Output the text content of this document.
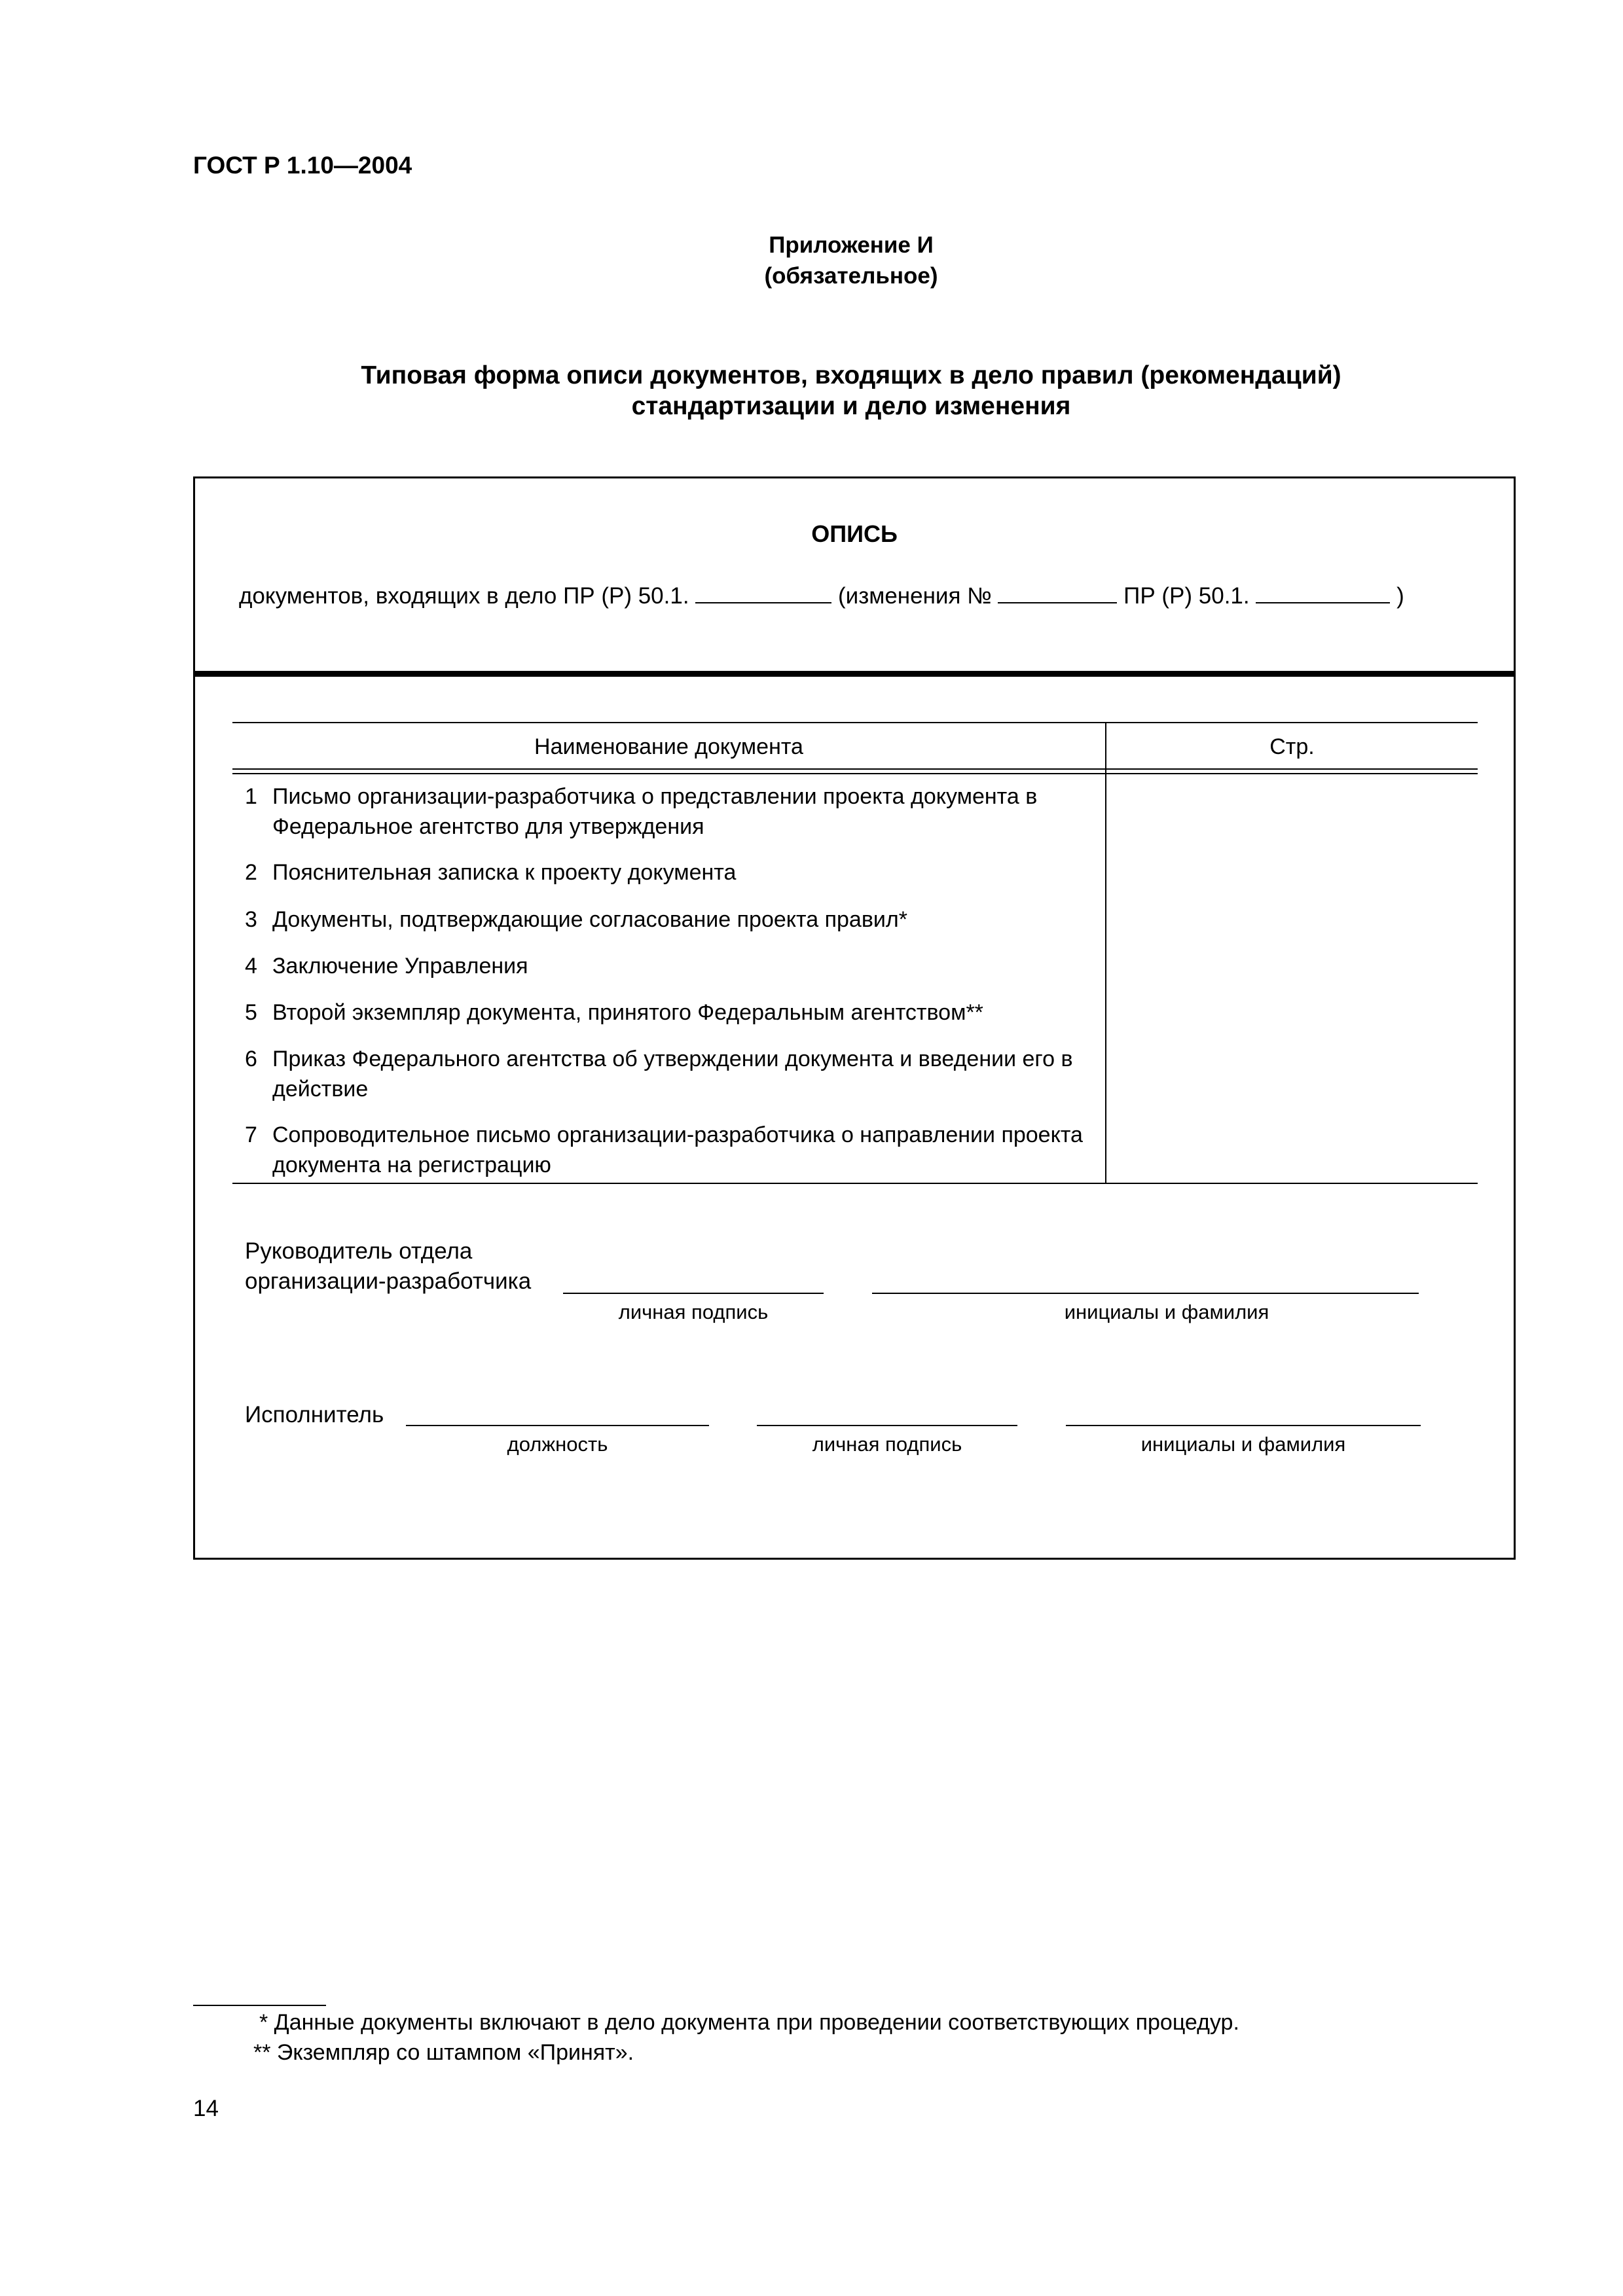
ГОСТ Р 1.10—2004
Приложение И
(обязательное)
Типовая форма описи документов, входящих в дело правил (рекомендаций)
стандартизации и дело изменения
ОПИСЬ
документов, входящих в дело ПР (Р) 50.1.	(изменения №	ПР (Р) 50.1.	)
Наименование документа	Стр.
1 Письмо организации-разработчика о представлении проекта документа в Федеральное агентство для утверждения
2 Пояснительная записка к проекту документа
3 Документы, подтверждающие согласование проекта правил*
4 Заключение Управления
5 Второй экземпляр документа, принятого Федеральным агентством**
6 Приказ Федерального агентства об утверждении документа и введении его в действие
7 Сопроводительное письмо организации-разработчика о направлении проекта документа на регистрацию
Руководитель отдела
организации-разработчика
личная подпись	инициалы и фамилия
Исполнитель
должность	личная подпись	инициалы и фамилия
* Данные документы включают в дело документа при проведении соответствующих процедур.
** Экземпляр со штампом «Принят».
14
